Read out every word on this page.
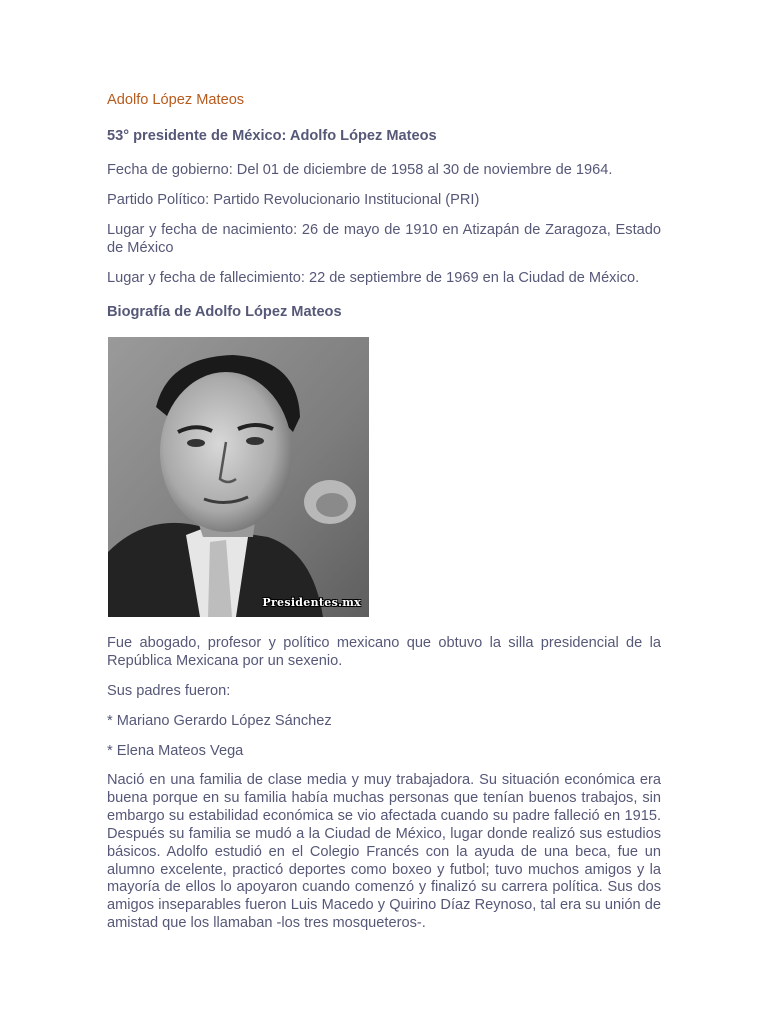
Adolfo López Mateos
53° presidente de México: Adolfo López Mateos

Fecha de gobierno: Del 01 de diciembre de 1958 al 30 de noviembre de 1964.

Partido Político: Partido Revolucionario Institucional (PRI)

Lugar y fecha de nacimiento: 26 de mayo de 1910 en Atizapán de Zaragoza, Estado de México

Lugar y fecha de fallecimiento: 22 de septiembre de 1969 en la Ciudad de México.

Biografía de Adolfo López Mateos
Presidentes.mx

Fue abogado, profesor y político mexicano que obtuvo la silla presidencial de la República Mexicana por un sexenio.

Sus padres fueron:

* Mariano Gerardo López Sánchez

* Elena Mateos Vega

Nació en una familia de clase media y muy trabajadora. Su situación económica era buena porque en su familia había muchas personas que tenían buenos trabajos, sin embargo su estabilidad económica se vio afectada cuando su padre falleció en 1915. Después su familia se mudó a la Ciudad de México, lugar donde realizó sus estudios básicos. Adolfo estudió en el Colegio Francés con la ayuda de una beca, fue un alumno excelente, practicó deportes como boxeo y futbol; tuvo muchos amigos y la mayoría de ellos lo apoyaron cuando comenzó y finalizó su carrera política. Sus dos amigos inseparables fueron Luis Macedo y Quirino Díaz Reynoso, tal era su unión de amistad que los llamaban -los tres mosqueteros-.
